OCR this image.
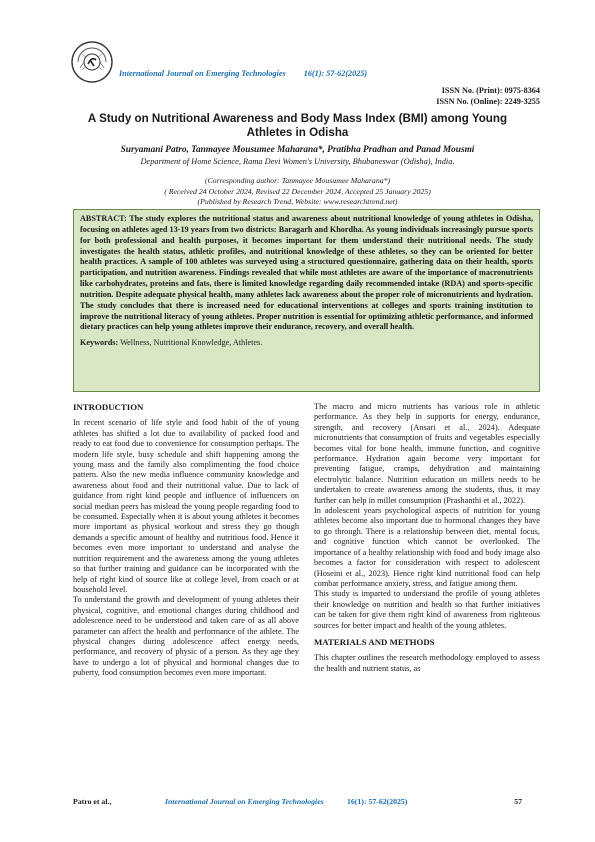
International Journal on Emerging Technologies 16(1): 57-62(2025)
ISSN No. (Print): 0975-8364
ISSN No. (Online): 2249-3255
A Study on Nutritional Awareness and Body Mass Index (BMI) among Young Athletes in Odisha
Suryamani Patro, Tanmayee Mousumee Maharana*, Pratibha Pradhan and Panad Mousmi
Department of Home Science, Rama Devi Women's University, Bhubaneswar (Odisha), India.
(Corresponding author: Tanmayee Mousumee Maharana*)
( Received 24 October 2024, Revised 22 December 2024, Accepted 25 January 2025)
(Published by Research Trend, Website: www.researchtrend.net)
ABSTRACT: The study explores the nutritional status and awareness about nutritional knowledge of young athletes in Odisha, focusing on athletes aged 13-19 years from two districts: Baragarh and Khordha. As young individuals increasingly pursue sports for both professional and health purposes, it becomes important for them understand their nutritional needs. The study investigates the health status, athletic profiles, and nutritional knowledge of these athletes, so they can be oriented for better health practices. A sample of 100 athletes was surveyed using a structured questionnaire, gathering data on their health, sports participation, and nutrition awareness. Findings revealed that while most athletes are aware of the importance of macronutrients like carbohydrates, proteins and fats, there is limited knowledge regarding daily recommended intake (RDA) and sports-specific nutrition. Despite adequate physical health, many athletes lack awareness about the proper role of micronutrients and hydration. The study concludes that there is increased need for educational interventions at colleges and sports training institution to improve the nutritional literacy of young athletes. Proper nutrition is essential for optimizing athletic performance, and informed dietary practices can help young athletes improve their endurance, recovery, and overall health.
Keywords: Wellness, Nutritional Knowledge, Athletes.
INTRODUCTION

In recent scenario of life style and food habit of the of young athletes has shifted a lot due to availability of packed food and ready to eat food due to convenience for consumption perhaps. The modern life style, busy schedule and shift happening among the young mass and the family also complimenting the food choice pattern. Also the new media influence community knowledge and awareness about food and their nutritional value. Due to lack of guidance from right kind people and influence of influencers on social median peers has mislead the young people regarding food to be consumed. Especially when it is about young athletes it becomes more important as physical workout and stress they go though demands a specific amount of healthy and nutritious food. Hence it becomes even more important to understand and analyse the nutrition requirement and the awareness among the young athletes so that further training and guidance can be incorporated with the help of right kind of source like at college level, from coach or at household level.

To understand the growth and development of young athletes their physical, cognitive, and emotional changes during childhood and adolescence need to be understood and taken care of as all above parameter can affect the health and performance of the athlete. The physical changes during adolescence affect energy needs, performance, and recovery of physic of a person. As they age they have to undergo a lot of physical and hormonal changes due to puberty, food consumption becomes even more important.

The macro and micro nutrients has various role in athletic performance. As they help in supports for energy, endurance, strength, and recovery (Ansari et al., 2024). Adequate micronutrients that consumption of fruits and vegetables especially becomes vital for bone health, immune function, and cognitive performance. Hydration again become very important for preventing fatigue, cramps, dehydration and maintaining electrolytic balance. Nutrition education on millets needs to be undertaken to create awareness among the students, thus, it may further can help in millet consumption (Prashanthi et al., 2022).

In adolescent years psychological aspects of nutrition for young athletes become also important due to hormonal changes they have to go through. There is a relationship between diet, mental focus, and cognitive function which cannot be overlooked. The importance of a healthy relationship with food and body image also becomes a factor for consideration with respect to adolescent (Hoseini et al., 2023). Hence right kind nutritional food can help combat performance anxiety, stress, and fatigue among them.

This study is imparted to understand the profile of young athletes their knowledge on nutrition and health so that further initiatives can be taken for give them right kind of awareness from righteous sources for better impact and health of the young athletes.

MATERIALS AND METHODS

This chapter outlines the research methodology employed to assess the health and nutrient status, as

Patro et al.,	International Journal on Emerging Technologies	16(1): 57-62(2025)	57
